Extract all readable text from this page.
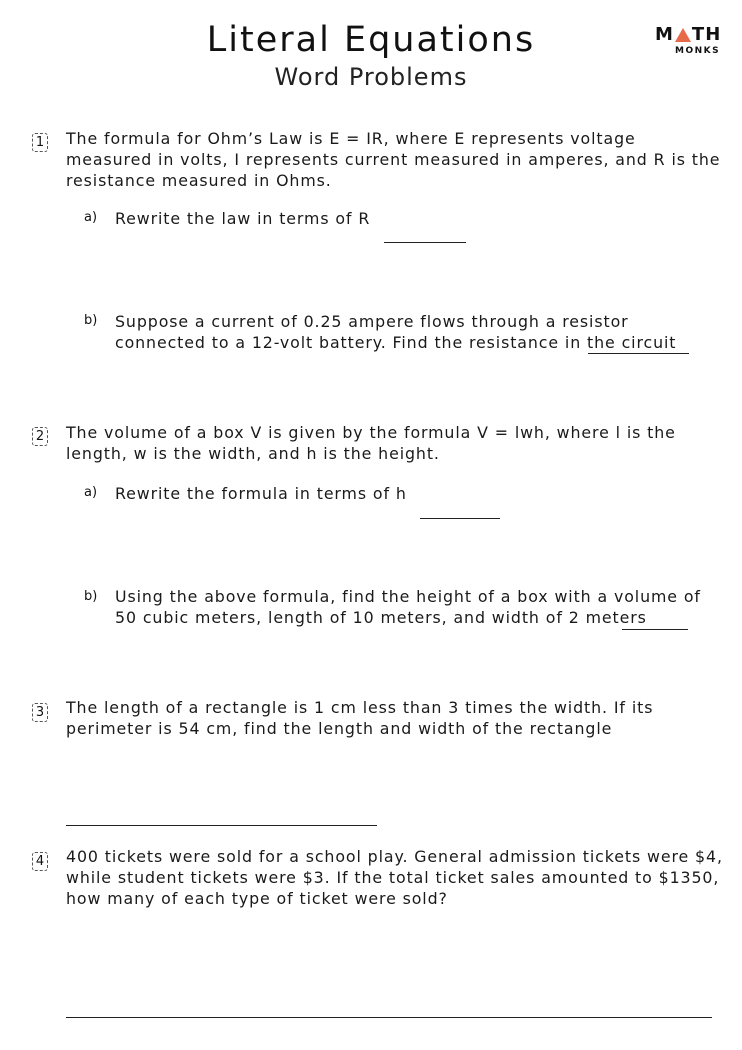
Literal Equations
Word Problems
M TH
MONKS
1 The formula for Ohm’s Law is E = IR, where E represents voltage measured in volts, I represents current measured in amperes, and R is the resistance measured in Ohms.
a) Rewrite the law in terms of R
b) Suppose a current of 0.25 ampere flows through a resistor connected to a 12-volt battery. Find the resistance in the circuit
2 The volume of a box V is given by the formula V = lwh, where l is the length, w is the width, and h is the height.
a) Rewrite the formula in terms of h
b) Using the above formula, find the height of a box with a volume of 50 cubic meters, length of 10 meters, and width of 2 meters
3 The length of a rectangle is 1 cm less than 3 times the width. If its perimeter is 54 cm, find the length and width of the rectangle
4 400 tickets were sold for a school play. General admission tickets were $4, while student tickets were $3. If the total ticket sales amounted to $1350, how many of each type of ticket were sold?
